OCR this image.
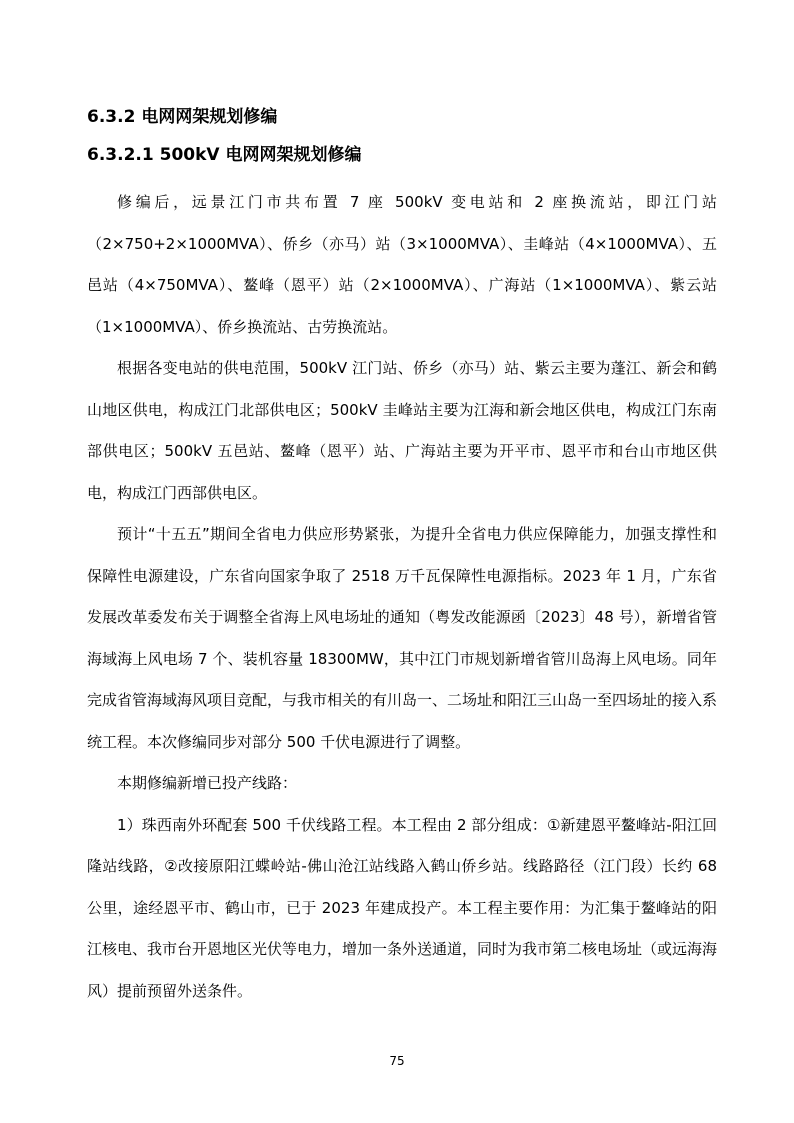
6.3.2 电网网架规划修编
6.3.2.1 500kV 电网网架规划修编

修编后，远景江门市共布置 7 座 500kV 变电站和 2 座换流站，即江门站（2×750+2×1000MVA）、侨乡（亦马）站（3×1000MVA）、圭峰站（4×1000MVA）、五邑站（4×750MVA）、鳌峰（恩平）站（2×1000MVA）、广海站（1×1000MVA）、紫云站（1×1000MVA）、侨乡换流站、古劳换流站。

根据各变电站的供电范围，500kV 江门站、侨乡（亦马）站、紫云主要为蓬江、新会和鹤山地区供电，构成江门北部供电区；500kV 圭峰站主要为江海和新会地区供电，构成江门东南部供电区；500kV 五邑站、鳌峰（恩平）站、广海站主要为开平市、恩平市和台山市地区供电，构成江门西部供电区。

预计“十五五”期间全省电力供应形势紧张，为提升全省电力供应保障能力，加强支撑性和保障性电源建设，广东省向国家争取了 2518 万千瓦保障性电源指标。2023 年 1 月，广东省发展改革委发布关于调整全省海上风电场址的通知（粤发改能源函〔2023〕48 号），新增省管海域海上风电场 7 个、装机容量 18300MW，其中江门市规划新增省管川岛海上风电场。同年完成省管海域海风项目竞配，与我市相关的有川岛一、二场址和阳江三山岛一至四场址的接入系统工程。本次修编同步对部分 500 千伏电源进行了调整。

本期修编新增已投产线路：

1）珠西南外环配套 500 千伏线路工程。本工程由 2 部分组成：①新建恩平鳌峰站-阳江回隆站线路，②改接原阳江蝶岭站-佛山沧江站线路入鹤山侨乡站。线路路径（江门段）长约 68 公里，途经恩平市、鹤山市，已于 2023 年建成投产。本工程主要作用：为汇集于鳌峰站的阳江核电、我市台开恩地区光伏等电力，增加一条外送通道，同时为我市第二核电场址（或远海海风）提前预留外送条件。

75
